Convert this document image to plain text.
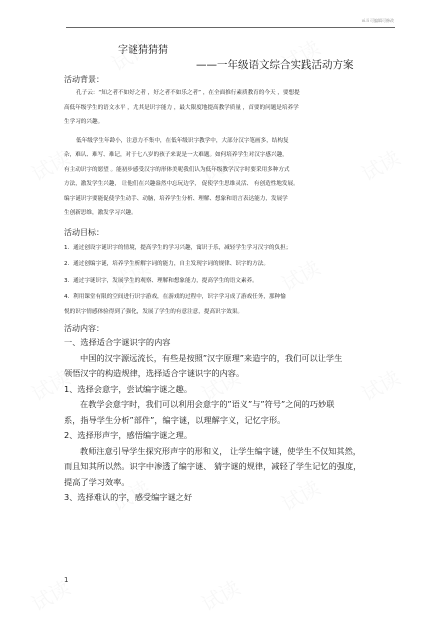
vi.li 可编辑可修改
字谜猜猜猜
——一年级语文综合实践活动方案
活动背景：

孔子云：“知之者不如好之者 ，好之者不如乐之者” ，在全面推行素质教育的今天 ，要想提

高低年级学生的语文水平 ，尤其是识字能力 ，最大限度地提高教学质量 ，首要的问题是培养学

生学习的兴趣。

低年级学生年龄小，注意力不集中，在低年级识字教学中，大部分汉字笔画多，结构复

杂，难认、难写、难记，对于七八岁的孩子来说是一大难题。如何培养学生对汉字感兴趣，

有主动识字的愿望 。能初步感受汉字的形体美呢我们认为低年级教学汉字时要采用多种方式

方法，激发学生兴趣， 让他们在兴趣盎然中忘玩边学， 促使学生思维灵活、 有创造性地发展。

编字谜识字要能促使学生动手、动脑，培养学生分析、理解、想象和语言表达能力，发展学

生创新思维，激发学习兴趣。

活动目标：

1．通过创设字谜识字的情境，提高学生的学习兴趣，寓识于乐，减轻学生学习汉字的负担；

2．通过创编字谜，培养学生析解字词的能力，自主发现字词的规律、识字的方法。

3．通过字谜识字，发展学生的观察、理解和想象能力，提高学生的语文素养。

4．利用课堂有限的空间进行识字游戏，在游戏的过程中，识字学习成了游戏任务，那种愉

悦的识字情感体验得到了强化，发展了学生的有意注意，提高识字效果。

活动内容：

一、选择适合字谜识字的内容

中国的汉字源远流长，有些是按照”汉字原理”来造字的，我们可以让学生

领悟汉字的构造规律，选择适合字谜识字的内容。

1、选择会意字，尝试编字谜之趣。

在教学会意字时，我们可以利用会意字的”语义”与”符号”之间的巧妙联

系，指导学生分析”部件”，编字谜，以理解字义，记忆字形。

2、选择形声字，感悟编字谜之理。

教师注意引导学生探究形声字的形和义， 让学生编字谜，使学生不仅知其然，

而且知其所以然。识字中渗透了编字谜、 猜字谜的规律，减轻了学生记忆的强度，

提高了学习效率。

3、选择难认的字，感受编字谜之好

1
